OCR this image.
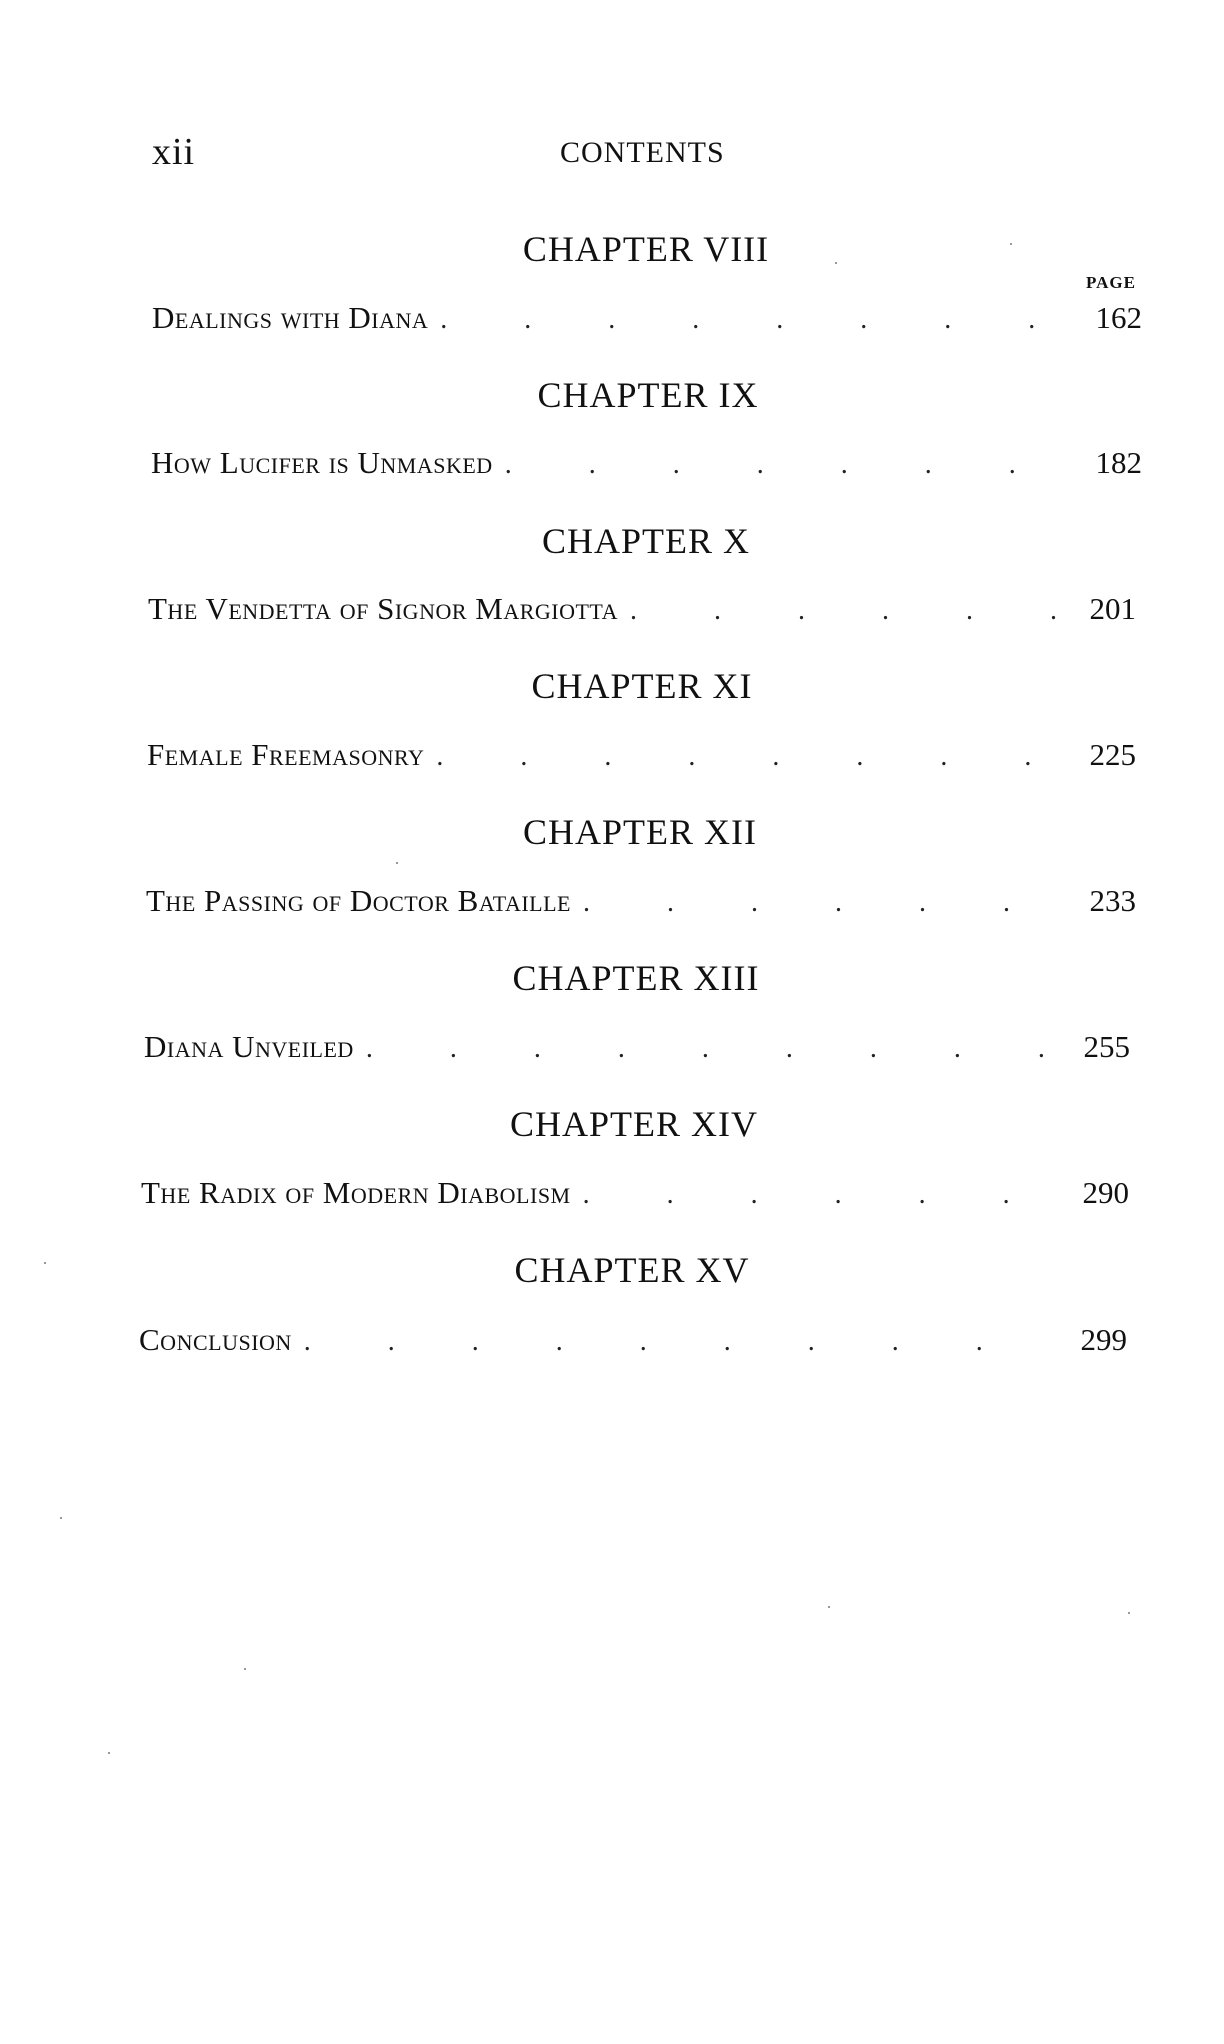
xii	CONTENTS
PAGE
CHAPTER VIII
Dealings with Diana .	162
CHAPTER IX
How Lucifer is Unmasked .	182
CHAPTER X
The Vendetta of Signor Margiotta .	201
CHAPTER XI
Female Freemasonry .	225
CHAPTER XII
The Passing of Doctor Bataille .	233
CHAPTER XIII
Diana Unveiled .	255
CHAPTER XIV
The Radix of Modern Diabolism .	290
CHAPTER XV
Conclusion .	299
